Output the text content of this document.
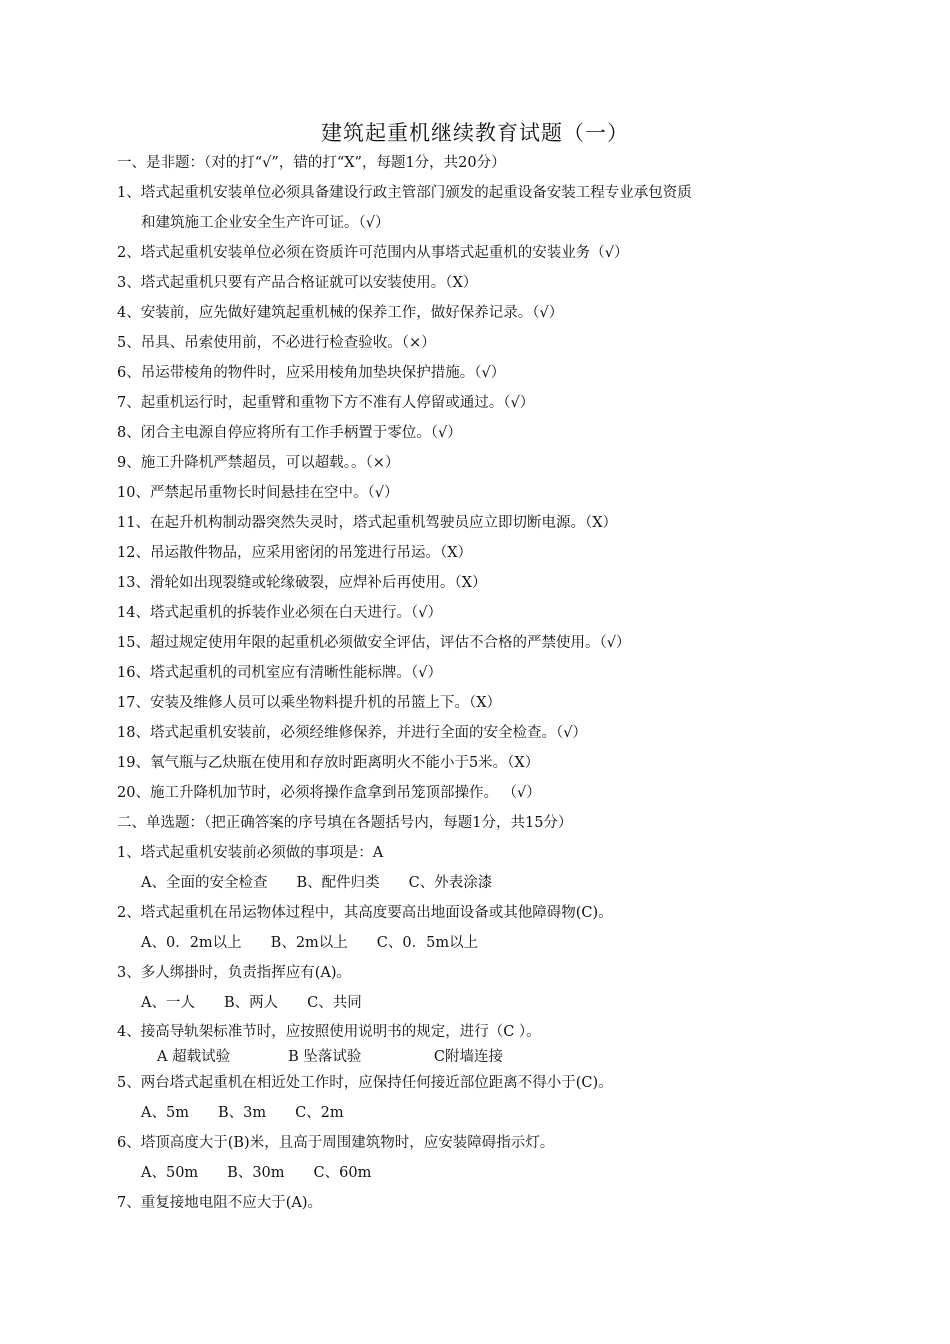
建筑起重机继续教育试题（一）
一、是非题：（对的打“√”，错的打“X”，每题1分，共20分）
1、塔式起重机安装单位必须具备建设行政主管部门颁发的起重设备安装工程专业承包资质
和建筑施工企业安全生产许可证。（√）
2、塔式起重机安装单位必须在资质许可范围内从事塔式起重机的安装业务（√）
3、塔式起重机只要有产品合格证就可以安装使用。（X）
4、安装前，应先做好建筑起重机械的保养工作，做好保养记录。（√）
5、吊具、吊索使用前，不必进行检查验收。（×）
6、吊运带棱角的物件时，应采用棱角加垫块保护措施。（√）
7、起重机运行时，起重臂和重物下方不准有人停留或通过。（√）
8、闭合主电源自停应将所有工作手柄置于零位。（√）
9、施工升降机严禁超员，可以超载。。（×）
10、严禁起吊重物长时间悬挂在空中。（√）
11、在起升机构制动器突然失灵时，塔式起重机驾驶员应立即切断电源。（X）
12、吊运散件物品，应采用密闭的吊笼进行吊运。（X）
13、滑轮如出现裂缝或轮缘破裂，应焊补后再使用。（X）
14、塔式起重机的拆装作业必须在白天进行。（√）
15、超过规定使用年限的起重机必须做安全评估，评估不合格的严禁使用。（√）
16、塔式起重机的司机室应有清晰性能标牌。（√）
17、安装及维修人员可以乘坐物料提升机的吊篮上下。（X）
18、塔式起重机安装前，必须经维修保养，并进行全面的安全检查。（√）
19、氧气瓶与乙炔瓶在使用和存放时距离明火不能小于5米。（X）
20、施工升降机加节时，必须将操作盒拿到吊笼顶部操作。 （√）
二、单选题：（把正确答案的序号填在各题括号内，每题1分，共15分）
1、塔式起重机安装前必须做的事项是：A
A、全面的安全检查　　B、配件归类　　C、外表涂漆
2、塔式起重机在吊运物体过程中，其高度要高出地面设备或其他障碍物(C)。
A、0．2m以上　　B、2m以上　　C、0．5m以上
3、多人绑掛时，负责指挥应有(A)。
A、一人　　B、两人　　C、共同
4、接高导轨架标准节时，应按照使用说明书的规定，进行（C ）。
A 超载试验　　　　B 坠落试验　　　　　C附墙连接
5、两台塔式起重机在相近处工作时，应保持任何接近部位距离不得小于(C)。
A、5m　　B、3m　　C、2m
6、塔顶高度大于(B)米，且高于周围建筑物时，应安装障碍指示灯。
A、50m　　B、30m　　C、60m
7、重复接地电阻不应大于(A)。
